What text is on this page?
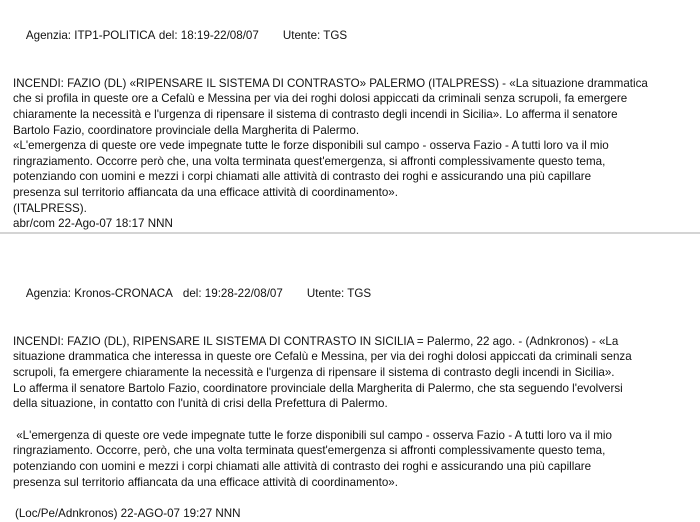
Agenzia: ITP1-POLITICA del: 18:19-22/08/07 Utente: TGS

INCENDI: FAZIO (DL) «RIPENSARE IL SISTEMA DI CONTRASTO» PALERMO (ITALPRESS) - «La situazione drammatica
che si profila in queste ore a Cefalù e Messina per via dei roghi dolosi appiccati da criminali senza scrupoli, fa emergere
chiaramente la necessità e l'urgenza di ripensare il sistema di contrasto degli incendi in Sicilia». Lo afferma il senatore
Bartolo Fazio, coordinatore provinciale della Margherita di Palermo.
«L'emergenza di queste ore vede impegnate tutte le forze disponibili sul campo - osserva Fazio - A tutti loro va il mio
ringraziamento. Occorre però che, una volta terminata quest'emergenza, si affronti complessivamente questo tema,
potenziando con uomini e mezzi i corpi chiamati alle attività di contrasto dei roghi e assicurando una più capillare
presenza sul territorio affiancata da una efficace attività di coordinamento».
(ITALPRESS).
abr/com 22-Ago-07 18:17 NNN

Agenzia: Kronos-CRONACA del: 19:28-22/08/07 Utente: TGS

INCENDI: FAZIO (DL), RIPENSARE IL SISTEMA DI CONTRASTO IN SICILIA = Palermo, 22 ago. - (Adnkronos) - «La
situazione drammatica che interessa in queste ore Cefalù e Messina, per via dei roghi dolosi appiccati da criminali senza
scrupoli, fa emergere chiaramente la necessità e l'urgenza di ripensare il sistema di contrasto degli incendi in Sicilia».
Lo afferma il senatore Bartolo Fazio, coordinatore provinciale della Margherita di Palermo, che sta seguendo l'evolversi
della situazione, in contatto con l'unità di crisi della Prefettura di Palermo.

«L'emergenza di queste ore vede impegnate tutte le forze disponibili sul campo - osserva Fazio - A tutti loro va il mio
ringraziamento. Occorre, però, che una volta terminata quest'emergenza si affronti complessivamente questo tema,
potenziando con uomini e mezzi i corpi chiamati alle attività di contrasto dei roghi e assicurando una più capillare
presenza sul territorio affiancata da una efficace attività di coordinamento».

(Loc/Pe/Adnkronos) 22-AGO-07 19:27 NNN
